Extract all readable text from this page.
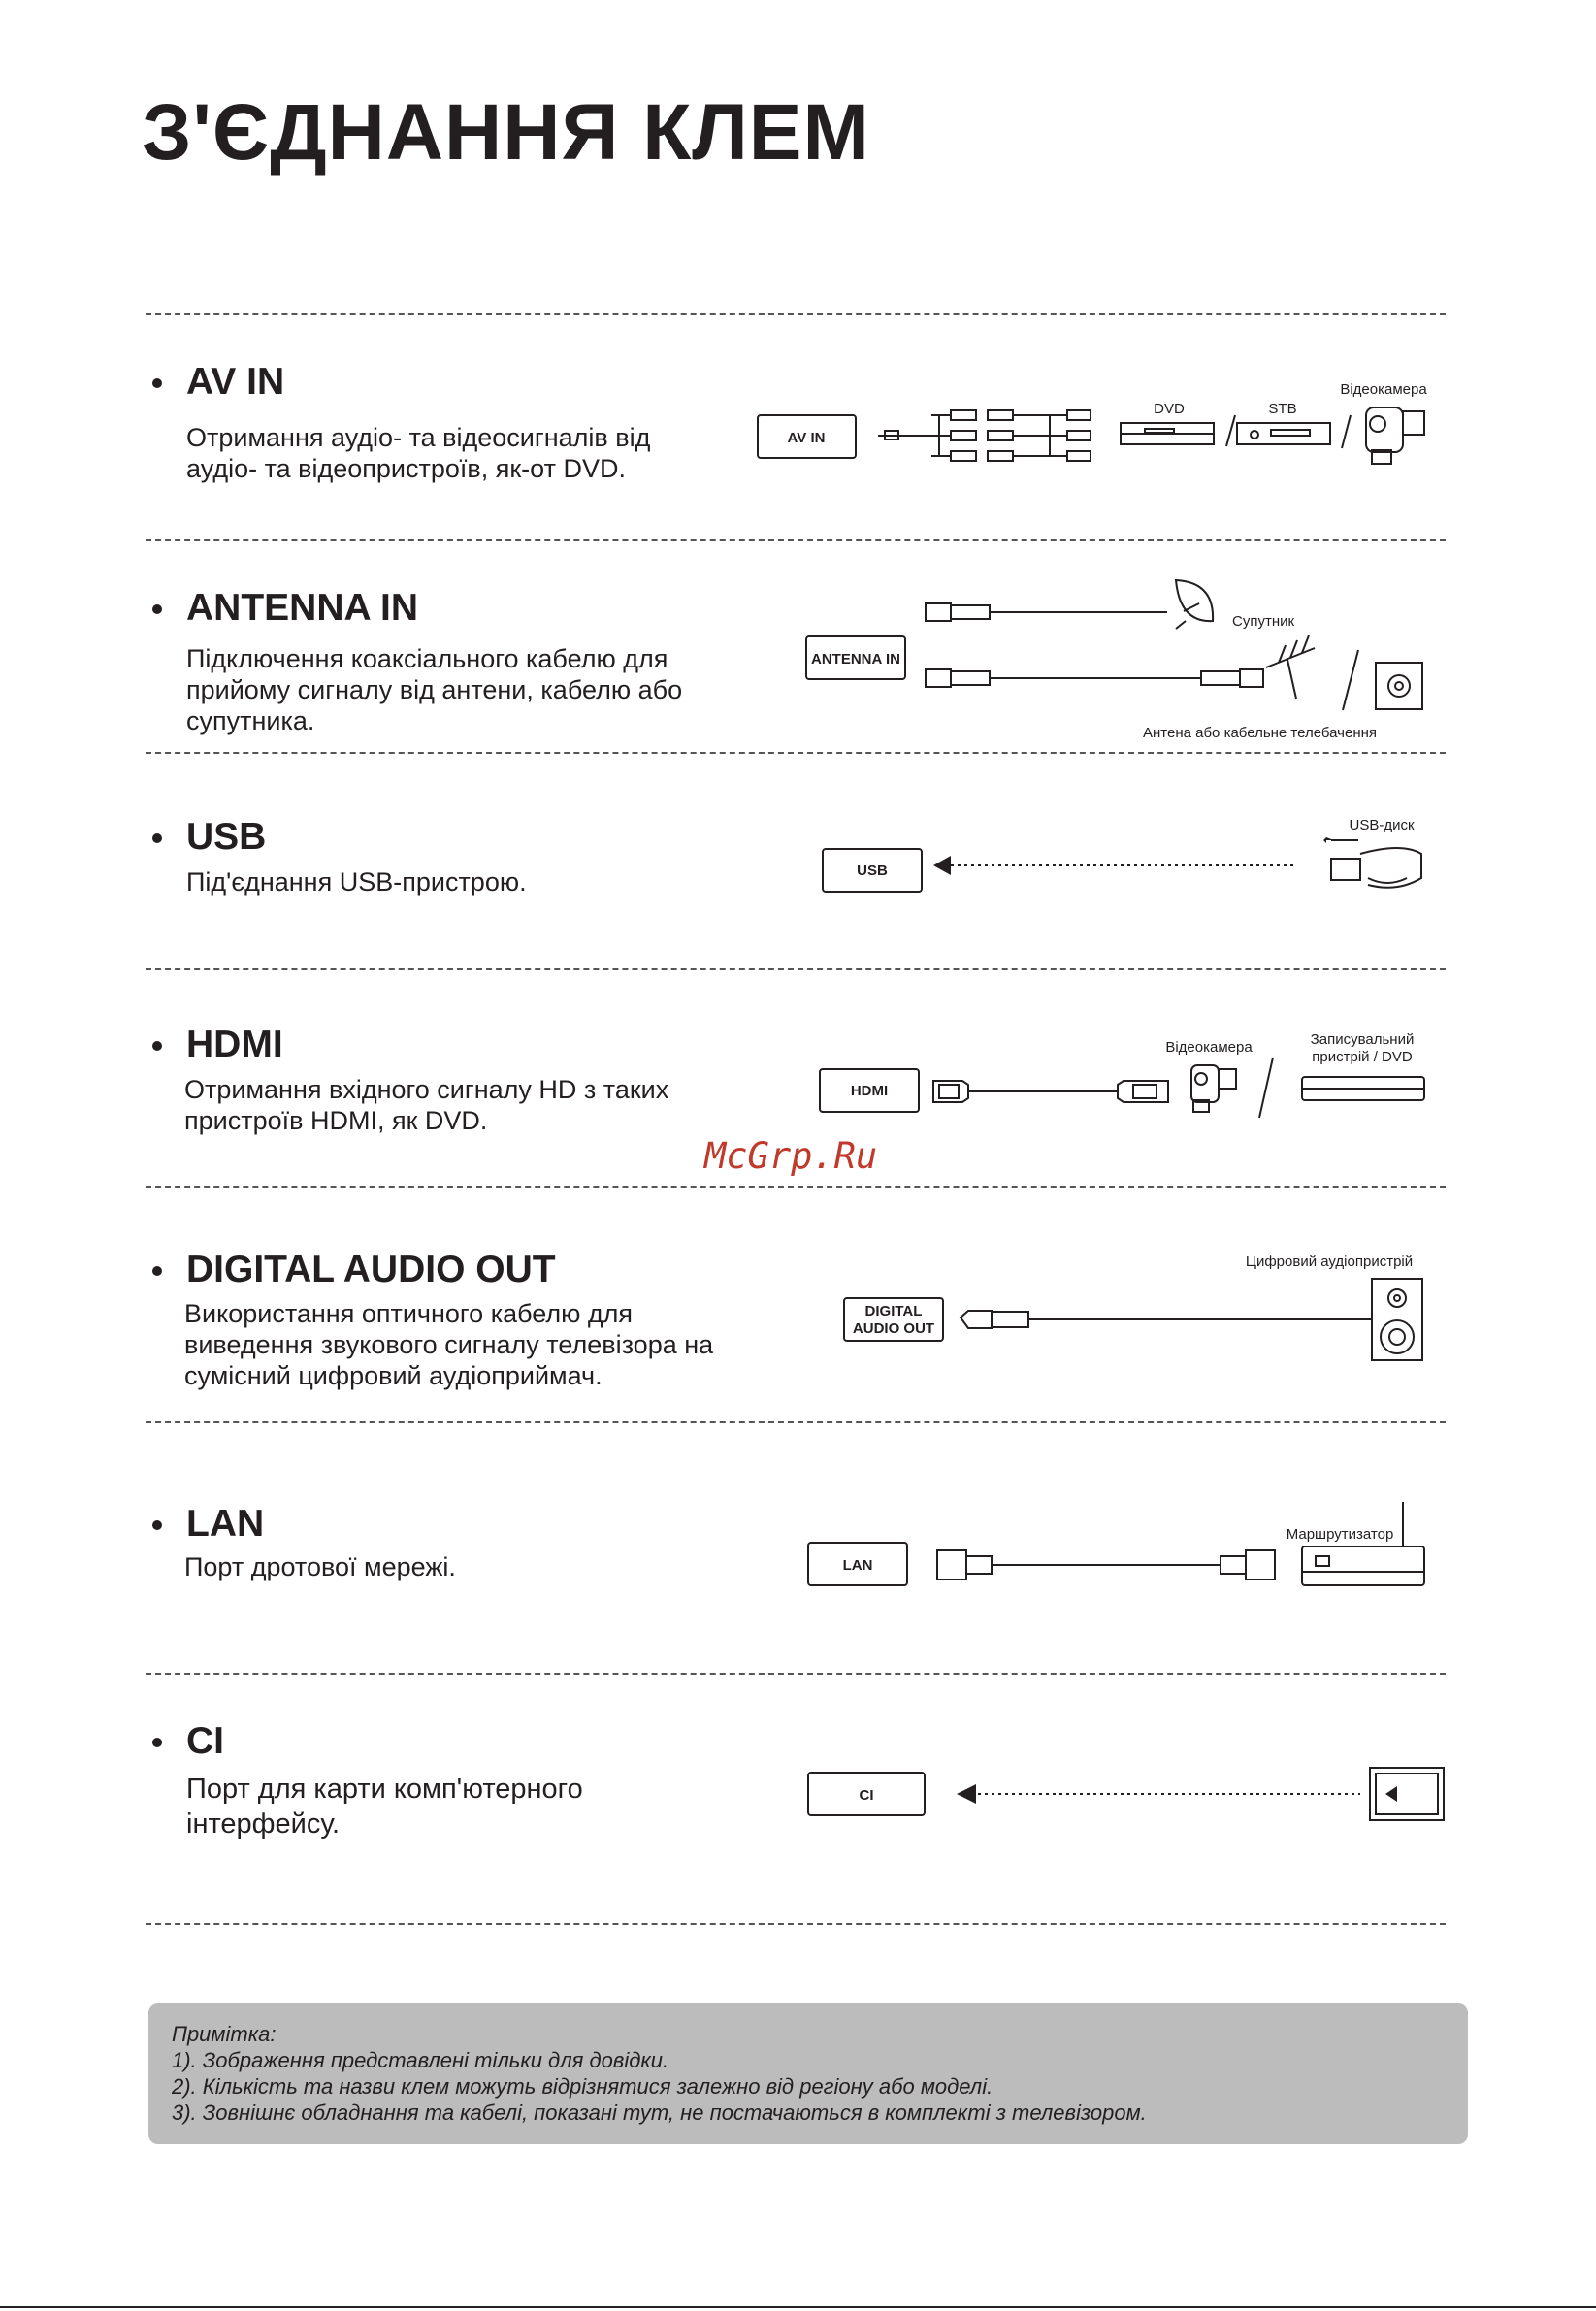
З'ЄДНАННЯ КЛЕМ
AV IN

Отримання аудіо- та відеосигналів від аудіо- та відеопристроїв, як-от DVD.

ANTENNA IN

Підключення коаксіального кабелю для прийому сигналу від антени, кабелю або супутника.

USB

Під'єднання USB-пристрою.

HDMI

Отримання вхідного сигналу HD з таких пристроїв HDMI, як DVD.

DIGITAL AUDIO OUT

Використання оптичного кабелю для виведення звукового сигналу телевізора на сумісний цифровий аудіоприймач.

LAN

Порт дротової мережі.

CI

Порт для карти комп'ютерного інтерфейсу.

AV IN
DVD	STB
Відеокамера
ANTENNA IN
Супутник
Антена або кабельне телебачення
USB
USB-диск
HDMI
Відеокамера	Записувальний
пристрій / DVD
DIGITAL
AUDIO OUT
Цифровий аудіопристрій
LAN
Маршрутизатор
CI
McGrp.Ru

Примітка:

1). Зображення представлені тільки для довідки.

2). Кількість та назви клем можуть відрізнятися залежно від регіону або моделі.

3). Зовнішнє обладнання та кабелі, показані тут, не постачаються в комплекті з телевізором.
